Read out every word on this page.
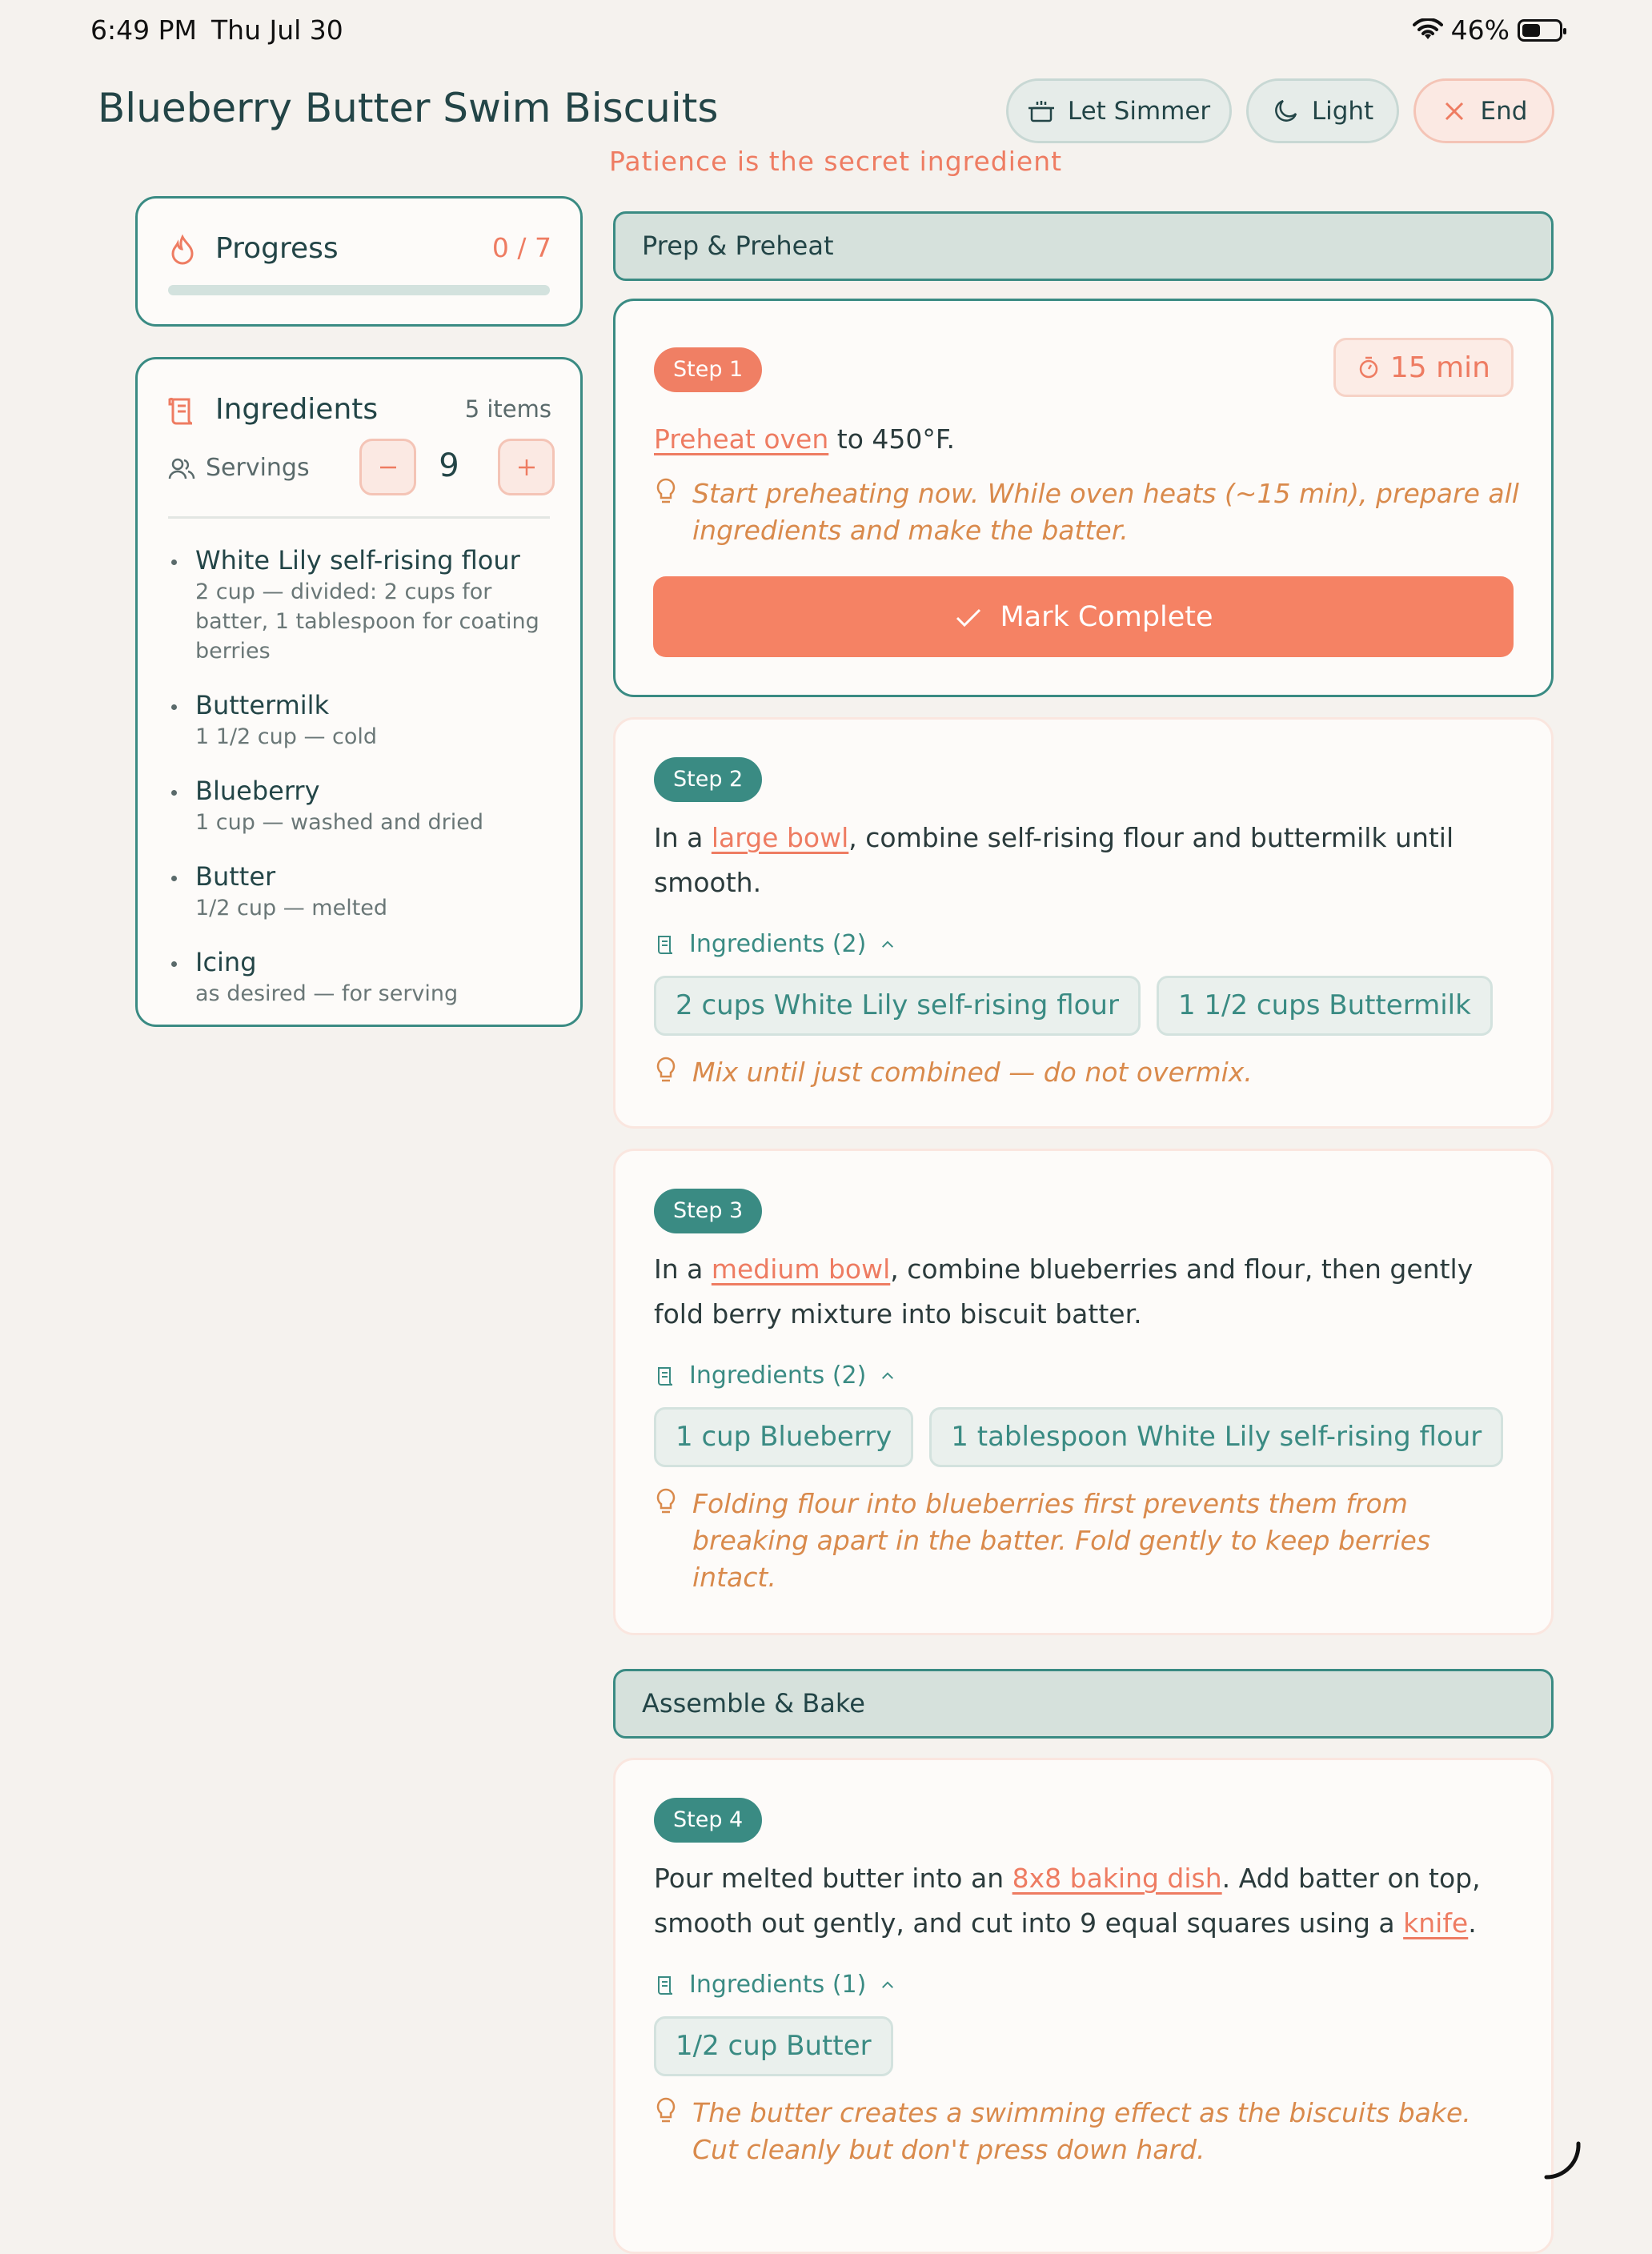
6:49 PM Thu Jul 30	46%
Blueberry Butter Swim Biscuits
Patience is the secret ingredient
Let Simmer	Light	End
Progress	0 / 7
Ingredients	5 items
Servings	9
White Lily self-rising flour
2 cup — divided: 2 cups for batter, 1 tablespoon for coating berries
Buttermilk
1 1/2 cup — cold
Blueberry
1 cup — washed and dried
Butter
1/2 cup — melted
Icing
as desired — for serving
Prep & Preheat
Step 1	15 min
Preheat oven to 450°F.
Start preheating now. While oven heats (~15 min), prepare all ingredients and make the batter.
Mark Complete
Step 2
In a large bowl, combine self-rising flour and buttermilk until smooth.
Ingredients (2)
2 cups White Lily self-rising flour	1 1/2 cups Buttermilk
Mix until just combined — do not overmix.
Step 3
In a medium bowl, combine blueberries and flour, then gently fold berry mixture into biscuit batter.
Ingredients (2)
1 cup Blueberry	1 tablespoon White Lily self-rising flour
Folding flour into blueberries first prevents them from breaking apart in the batter. Fold gently to keep berries intact.
Assemble & Bake
Step 4
Pour melted butter into an 8x8 baking dish. Add batter on top, smooth out gently, and cut into 9 equal squares using a knife.
Ingredients (1)
1/2 cup Butter
The butter creates a swimming effect as the biscuits bake. Cut cleanly but don't press down hard.
